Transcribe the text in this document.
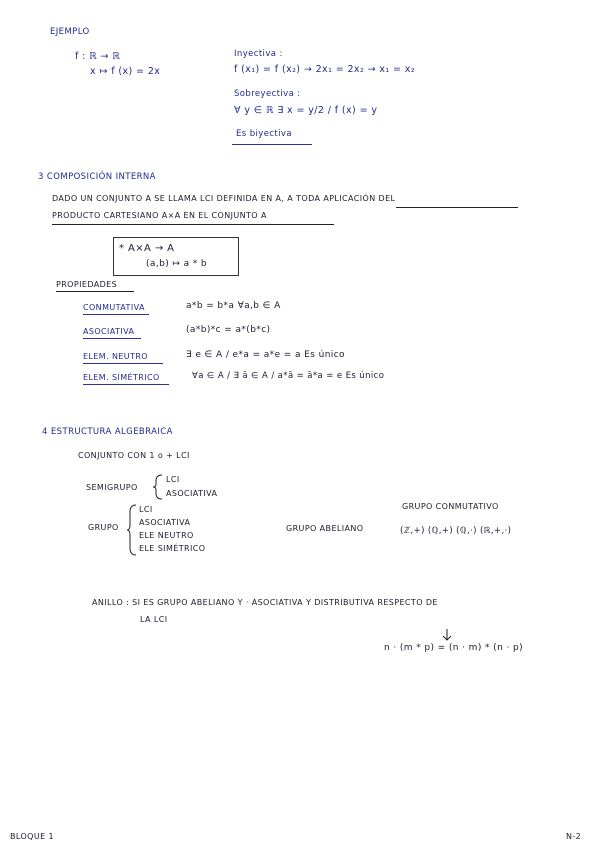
EJEMPLO
f : ℝ → ℝ
x ↦ f (x) = 2x
Inyectiva :
f (x₁) = f (x₂) → 2x₁ = 2x₂ → x₁ = x₂
Sobreyectiva :
∀ y ∈ ℝ ∃ x = y/2 / f (x) = y
Es biyectiva
3 COMPOSICIÓN INTERNA
DADO UN CONJUNTO A SE LLAMA LCI DEFINIDA EN A, A TODA APLICACIÓN DEL
PRODUCTO CARTESIANO A×A EN EL CONJUNTO A
* A×A → A
(a,b) ↦ a * b
PROPIEDADES
CONMUTATIVA	a*b = b*a ∀a,b ∈ A
ASOCIATIVA	(a*b)*c = a*(b*c)
ELEM. NEUTRO	∃ e ∈ A / e*a = a*e = a Es único
ELEM. SIMÉTRICO	∀a ∈ A / ∃ ā ∈ A / a*ā = ā*a = e Es único
4 ESTRUCTURA ALGEBRAICA
CONJUNTO CON 1 o + LCI
SEMIGRUPO
LCI
ASOCIATIVA
GRUPO
LCI
ASOCIATIVA
ELE NEUTRO
ELE SIMÉTRICO
GRUPO ABELIANO
GRUPO CONMUTATIVO
(ℤ,+) (ℚ,+) (ℚ,·) (ℝ,+,·)
ANILLO : SI ES GRUPO ABELIANO Y · ASOCIATIVA Y DISTRIBUTIVA RESPECTO DE
LA LCI
n · (m * p) = (n · m) * (n · p)
BLOQUE 1	N-2
